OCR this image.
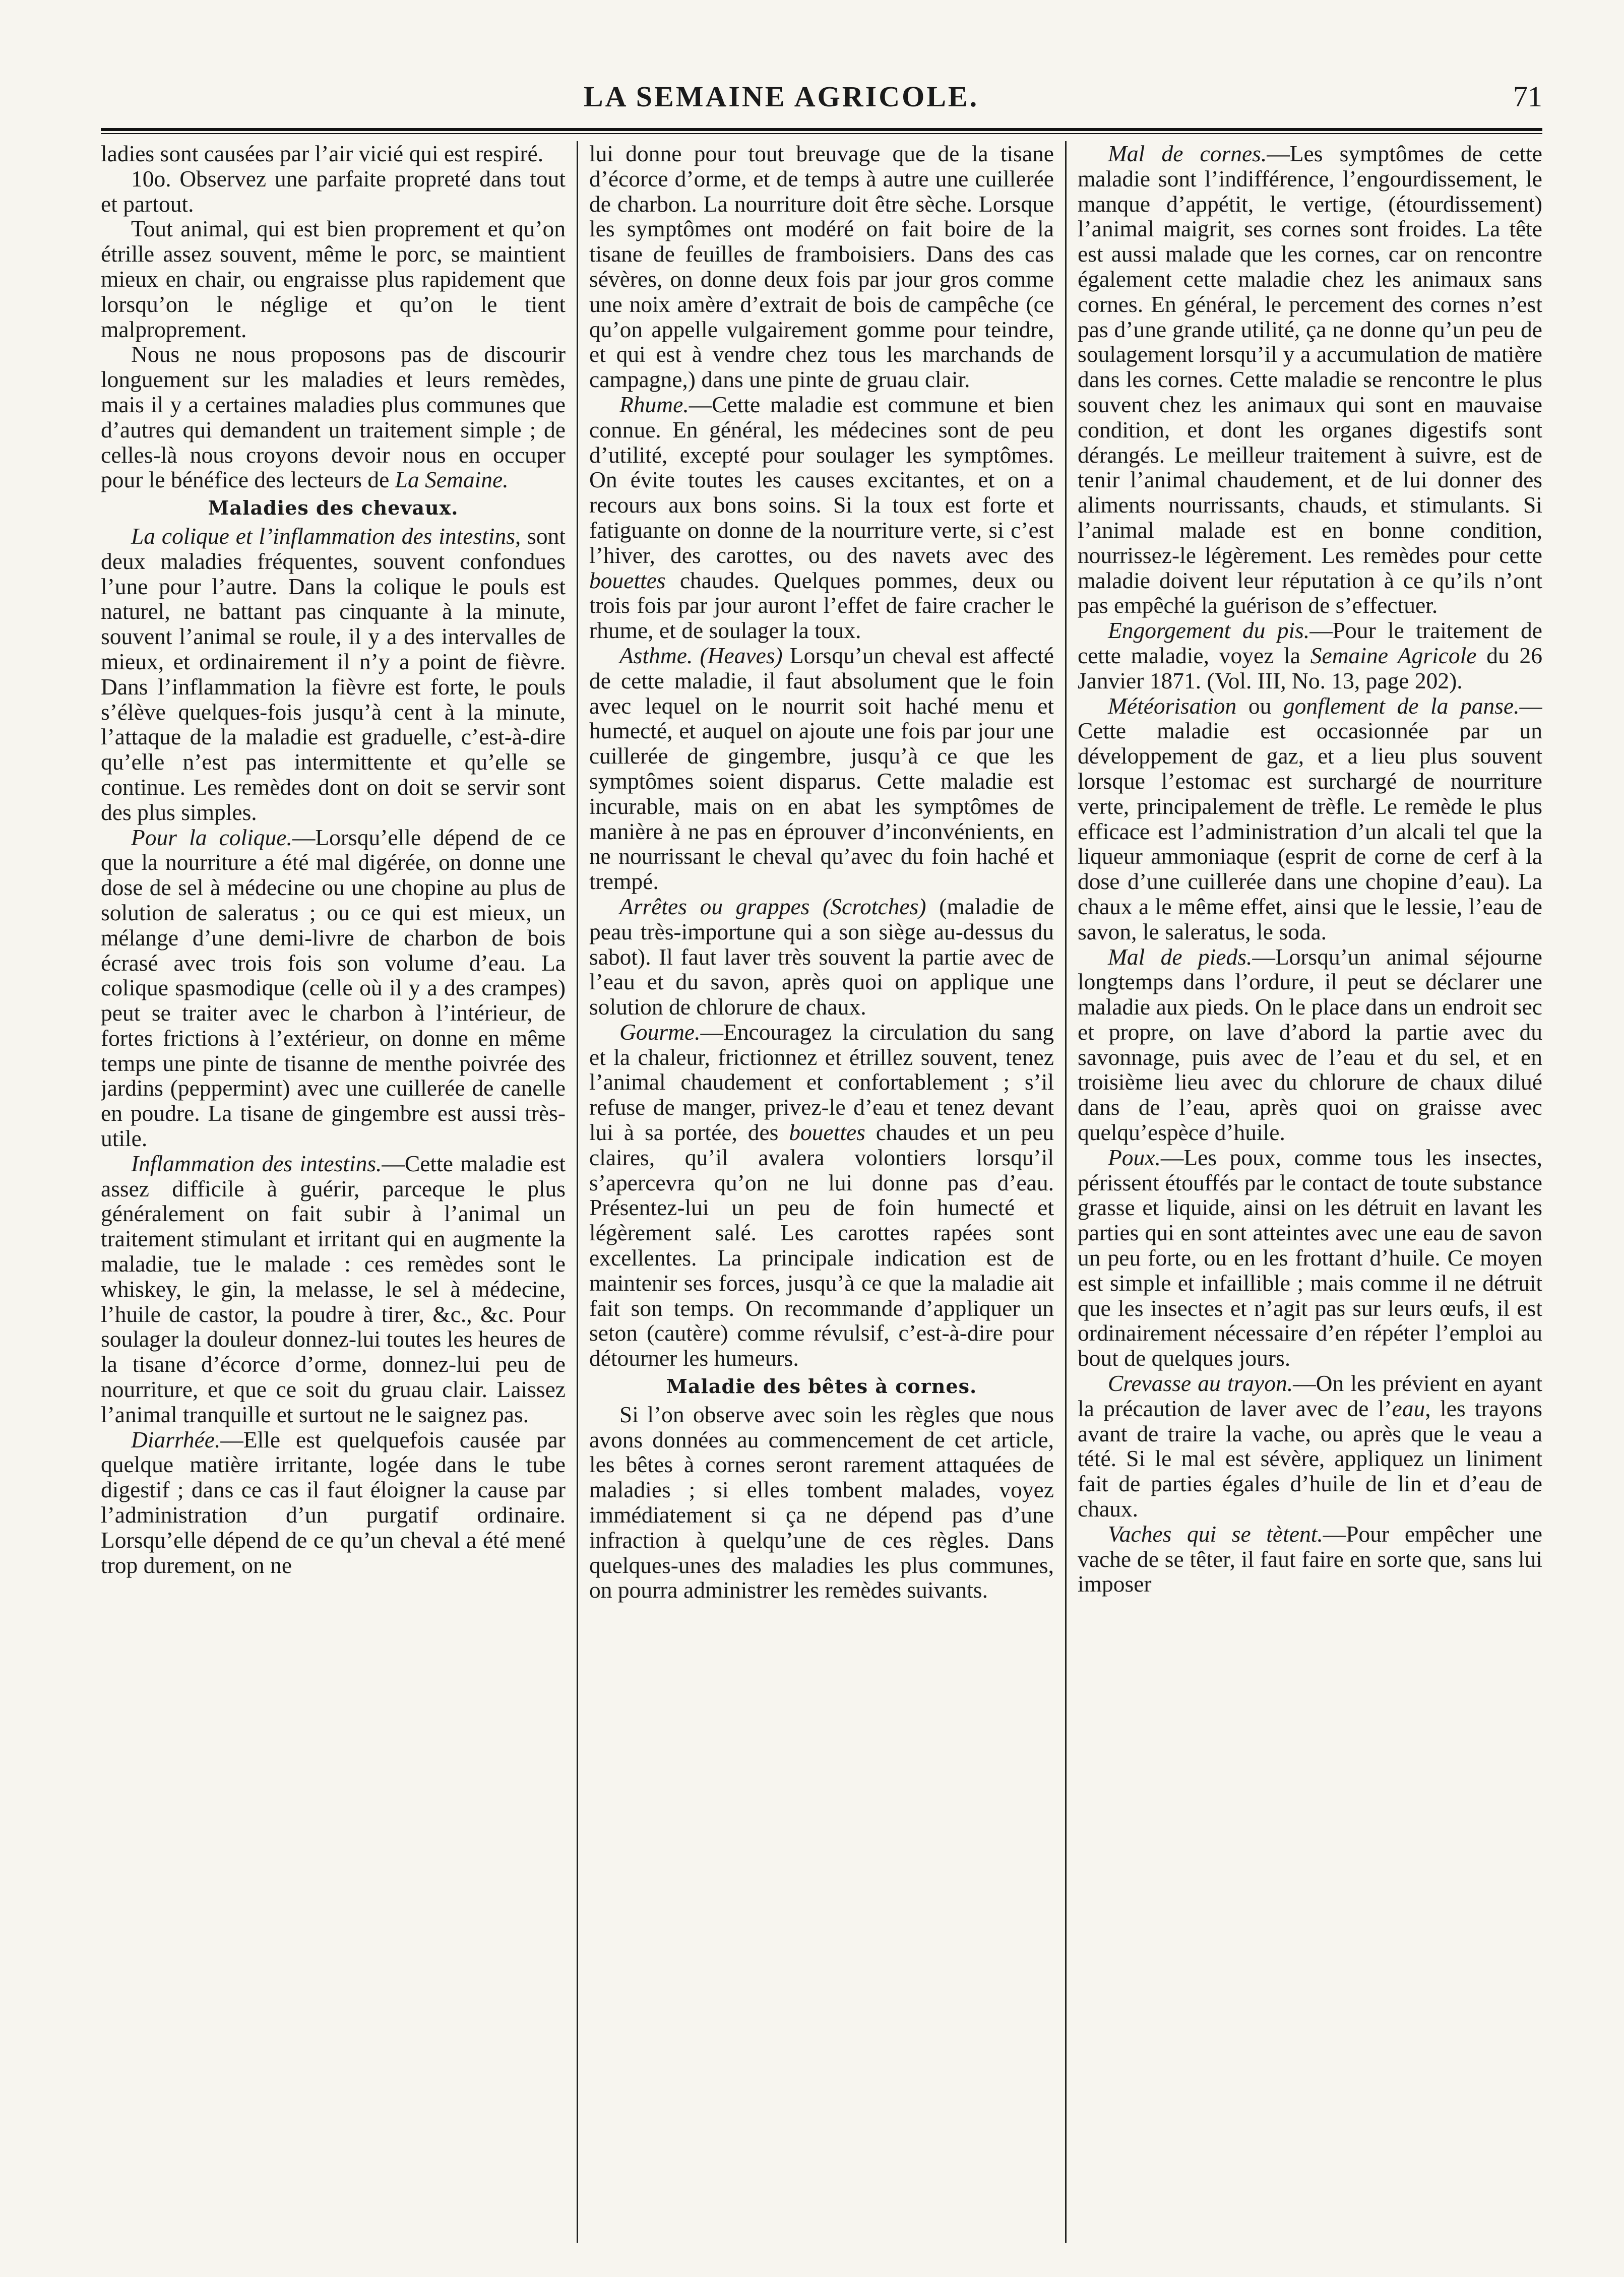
LA SEMAINE AGRICOLE.	71

ladies sont causées par l’air vicié qui est respiré.

10o. Observez une parfaite propreté dans tout et partout.

Tout animal, qui est bien proprement et qu’on étrille assez souvent, même le porc, se maintient mieux en chair, ou engraisse plus rapidement que lorsqu’on le néglige et qu’on le tient malproprement.

Nous ne nous proposons pas de discourir longuement sur les maladies et leurs remèdes, mais il y a certaines maladies plus communes que d’autres qui demandent un traitement simple ; de celles-là nous croyons devoir nous en occuper pour le bénéfice des lecteurs de La Semaine.

Maladies des chevaux.

La colique et l’inflammation des intestins, sont deux maladies fréquentes, souvent confondues l’une pour l’autre. Dans la colique le pouls est naturel, ne battant pas cinquante à la minute, souvent l’animal se roule, il y a des intervalles de mieux, et ordinairement il n’y a point de fièvre. Dans l’inflammation la fièvre est forte, le pouls s’élève quelques-fois jusqu’à cent à la minute, l’attaque de la maladie est graduelle, c’est-à-dire qu’elle n’est pas intermittente et qu’elle se continue. Les remèdes dont on doit se servir sont des plus simples.

Pour la colique.—Lorsqu’elle dépend de ce que la nourriture a été mal digérée, on donne une dose de sel à médecine ou une chopine au plus de solution de saleratus ; ou ce qui est mieux, un mélange d’une demi-livre de charbon de bois écrasé avec trois fois son volume d’eau. La colique spasmodique (celle où il y a des crampes) peut se traiter avec le charbon à l’intérieur, de fortes frictions à l’extérieur, on donne en même temps une pinte de tisanne de menthe poivrée des jardins (peppermint) avec une cuillerée de canelle en poudre. La tisane de gingembre est aussi très-utile.

Inflammation des intestins.—Cette maladie est assez difficile à guérir, parceque le plus généralement on fait subir à l’animal un traitement stimulant et irritant qui en augmente la maladie, tue le malade : ces remèdes sont le whiskey, le gin, la melasse, le sel à médecine, l’huile de castor, la poudre à tirer, &c., &c. Pour soulager la douleur donnez-lui toutes les heures de la tisane d’écorce d’orme, donnez-lui peu de nourriture, et que ce soit du gruau clair. Laissez l’animal tranquille et surtout ne le saignez pas.

Diarrhée.—Elle est quelquefois causée par quelque matière irritante, logée dans le tube digestif ; dans ce cas il faut éloigner la cause par l’administration d’un purgatif ordinaire. Lorsqu’elle dépend de ce qu’un cheval a été mené trop durement, on ne

lui donne pour tout breuvage que de la tisane d’écorce d’orme, et de temps à autre une cuillerée de charbon. La nourriture doit être sèche. Lorsque les symptômes ont modéré on fait boire de la tisane de feuilles de framboisiers. Dans des cas sévères, on donne deux fois par jour gros comme une noix amère d’extrait de bois de campêche (ce qu’on appelle vulgairement gomme pour teindre, et qui est à vendre chez tous les marchands de campagne,) dans une pinte de gruau clair.

Rhume.—Cette maladie est commune et bien connue. En général, les médecines sont de peu d’utilité, excepté pour soulager les symptômes. On évite toutes les causes excitantes, et on a recours aux bons soins. Si la toux est forte et fatiguante on donne de la nourriture verte, si c’est l’hiver, des carottes, ou des navets avec des bouettes chaudes. Quelques pommes, deux ou trois fois par jour auront l’effet de faire cracher le rhume, et de soulager la toux.

Asthme. (Heaves) Lorsqu’un cheval est affecté de cette maladie, il faut absolument que le foin avec lequel on le nourrit soit haché menu et humecté, et auquel on ajoute une fois par jour une cuillerée de gingembre, jusqu’à ce que les symptômes soient disparus. Cette maladie est incurable, mais on en abat les symptômes de manière à ne pas en éprouver d’inconvénients, en ne nourrissant le cheval qu’avec du foin haché et trempé.

Arrêtes ou grappes (Scrotches) (maladie de peau très-importune qui a son siège au-dessus du sabot). Il faut laver très souvent la partie avec de l’eau et du savon, après quoi on applique une solution de chlorure de chaux.

Gourme.—Encouragez la circulation du sang et la chaleur, frictionnez et étrillez souvent, tenez l’animal chaudement et confortablement ; s’il refuse de manger, privez-le d’eau et tenez devant lui à sa portée, des bouettes chaudes et un peu claires, qu’il avalera volontiers lorsqu’il s’apercevra qu’on ne lui donne pas d’eau. Présentez-lui un peu de foin humecté et légèrement salé. Les carottes rapées sont excellentes. La principale indication est de maintenir ses forces, jusqu’à ce que la maladie ait fait son temps. On recommande d’appliquer un seton (cautère) comme révulsif, c’est-à-dire pour détourner les humeurs.

Maladie des bêtes à cornes.

Si l’on observe avec soin les règles que nous avons données au commencement de cet article, les bêtes à cornes seront rarement attaquées de maladies ; si elles tombent malades, voyez immédiatement si ça ne dépend pas d’une infraction à quelqu’une de ces règles. Dans quelques-unes des maladies les plus communes, on pourra administrer les remèdes suivants.

Mal de cornes.—Les symptômes de cette maladie sont l’indifférence, l’engourdissement, le manque d’appétit, le vertige, (étourdissement) l’animal maigrit, ses cornes sont froides. La tête est aussi malade que les cornes, car on rencontre également cette maladie chez les animaux sans cornes. En général, le percement des cornes n’est pas d’une grande utilité, ça ne donne qu’un peu de soulagement lorsqu’il y a accumulation de matière dans les cornes. Cette maladie se rencontre le plus souvent chez les animaux qui sont en mauvaise condition, et dont les organes digestifs sont dérangés. Le meilleur traitement à suivre, est de tenir l’animal chaudement, et de lui donner des aliments nourrissants, chauds, et stimulants. Si l’animal malade est en bonne condition, nourrissez-le légèrement. Les remèdes pour cette maladie doivent leur réputation à ce qu’ils n’ont pas empêché la guérison de s’effectuer.

Engorgement du pis.—Pour le traitement de cette maladie, voyez la Semaine Agricole du 26 Janvier 1871. (Vol. III, No. 13, page 202).

Météorisation ou gonflement de la panse.—Cette maladie est occasionnée par un développement de gaz, et a lieu plus souvent lorsque l’estomac est surchargé de nourriture verte, principalement de trèfle. Le remède le plus efficace est l’administration d’un alcali tel que la liqueur ammoniaque (esprit de corne de cerf à la dose d’une cuillerée dans une chopine d’eau). La chaux a le même effet, ainsi que le lessie, l’eau de savon, le saleratus, le soda.

Mal de pieds.—Lorsqu’un animal séjourne longtemps dans l’ordure, il peut se déclarer une maladie aux pieds. On le place dans un endroit sec et propre, on lave d’abord la partie avec du savonnage, puis avec de l’eau et du sel, et en troisième lieu avec du chlorure de chaux dilué dans de l’eau, après quoi on graisse avec quelqu’espèce d’huile.

Poux.—Les poux, comme tous les insectes, périssent étouffés par le contact de toute substance grasse et liquide, ainsi on les détruit en lavant les parties qui en sont atteintes avec une eau de savon un peu forte, ou en les frottant d’huile. Ce moyen est simple et infaillible ; mais comme il ne détruit que les insectes et n’agit pas sur leurs œufs, il est ordinairement nécessaire d’en répéter l’emploi au bout de quelques jours.

Crevasse au trayon.—On les prévient en ayant la précaution de laver avec de l’eau, les trayons avant de traire la vache, ou après que le veau a tété. Si le mal est sévère, appliquez un liniment fait de parties égales d’huile de lin et d’eau de chaux.

Vaches qui se tètent.—Pour empêcher une vache de se têter, il faut faire en sorte que, sans lui imposer
